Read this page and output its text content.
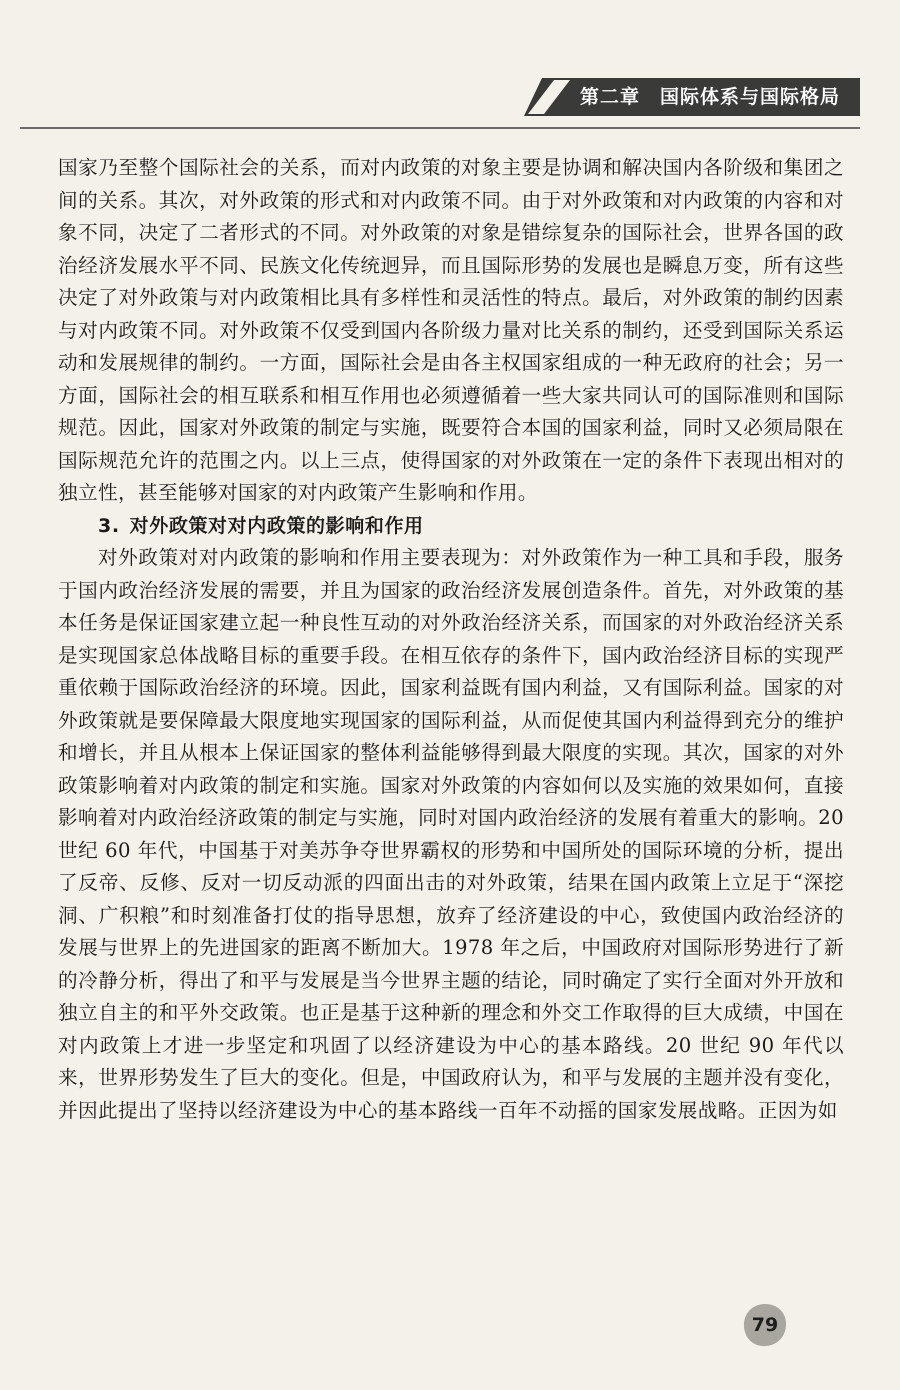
第二章 国际体系与国际格局

国家乃至整个国际社会的关系，而对内政策的对象主要是协调和解决国内各阶级和集团之间的关系。其次，对外政策的形式和对内政策不同。由于对外政策和对内政策的内容和对象不同，决定了二者形式的不同。对外政策的对象是错综复杂的国际社会，世界各国的政治经济发展水平不同、民族文化传统迥异，而且国际形势的发展也是瞬息万变，所有这些决定了对外政策与对内政策相比具有多样性和灵活性的特点。最后，对外政策的制约因素与对内政策不同。对外政策不仅受到国内各阶级力量对比关系的制约，还受到国际关系运动和发展规律的制约。一方面，国际社会是由各主权国家组成的一种无政府的社会；另一方面，国际社会的相互联系和相互作用也必须遵循着一些大家共同认可的国际准则和国际规范。因此，国家对外政策的制定与实施，既要符合本国的国家利益，同时又必须局限在国际规范允许的范围之内。以上三点，使得国家的对外政策在一定的条件下表现出相对的独立性，甚至能够对国家的对内政策产生影响和作用。

3. 对外政策对对内政策的影响和作用

对外政策对对内政策的影响和作用主要表现为：对外政策作为一种工具和手段，服务于国内政治经济发展的需要，并且为国家的政治经济发展创造条件。首先，对外政策的基本任务是保证国家建立起一种良性互动的对外政治经济关系，而国家的对外政治经济关系是实现国家总体战略目标的重要手段。在相互依存的条件下，国内政治经济目标的实现严重依赖于国际政治经济的环境。因此，国家利益既有国内利益，又有国际利益。国家的对外政策就是要保障最大限度地实现国家的国际利益，从而促使其国内利益得到充分的维护和增长，并且从根本上保证国家的整体利益能够得到最大限度的实现。其次，国家的对外政策影响着对内政策的制定和实施。国家对外政策的内容如何以及实施的效果如何，直接影响着对内政治经济政策的制定与实施，同时对国内政治经济的发展有着重大的影响。20 世纪 60 年代，中国基于对美苏争夺世界霸权的形势和中国所处的国际环境的分析，提出了反帝、反修、反对一切反动派的四面出击的对外政策，结果在国内政策上立足于“深挖洞、广积粮”和时刻准备打仗的指导思想，放弃了经济建设的中心，致使国内政治经济的发展与世界上的先进国家的距离不断加大。1978 年之后，中国政府对国际形势进行了新的冷静分析，得出了和平与发展是当今世界主题的结论，同时确定了实行全面对外开放和独立自主的和平外交政策。也正是基于这种新的理念和外交工作取得的巨大成绩，中国在对内政策上才进一步坚定和巩固了以经济建设为中心的基本路线。20 世纪 90 年代以来，世界形势发生了巨大的变化。但是，中国政府认为，和平与发展的主题并没有变化，并因此提出了坚持以经济建设为中心的基本路线一百年不动摇的国家发展战略。正因为如

79
